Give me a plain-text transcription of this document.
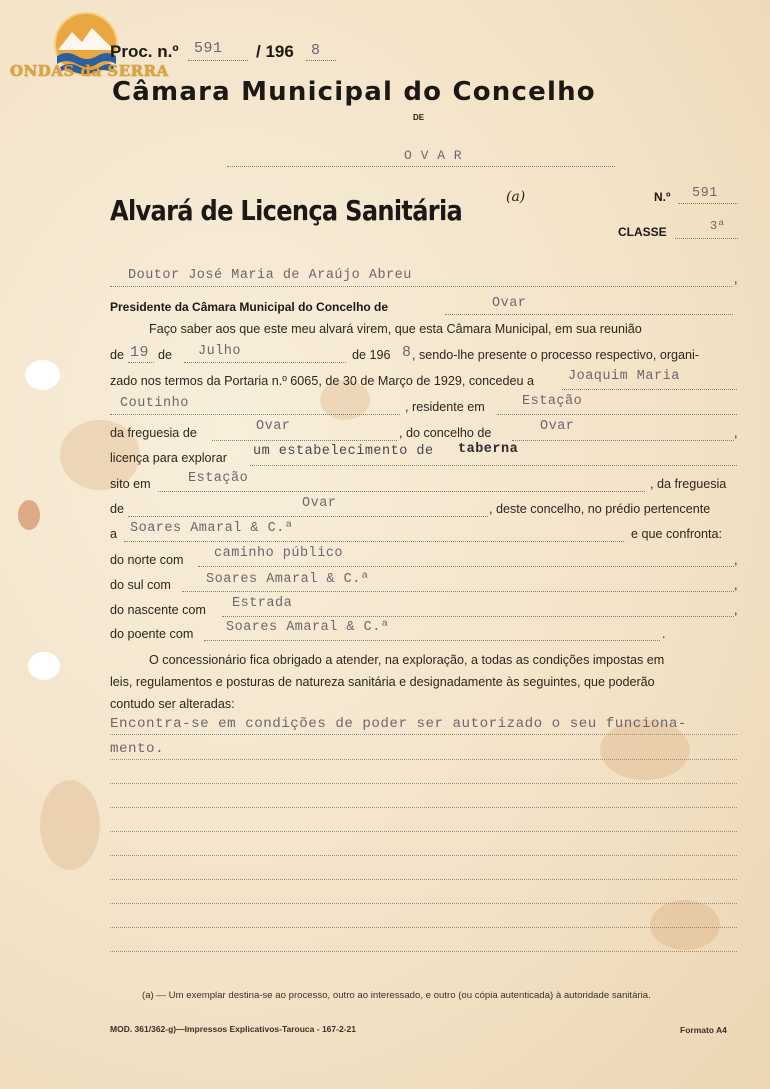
ONDAS da SERRA
Proc. n.º 591 / 196 8
Câmara Municipal do Concelho
DE
O V A R
Alvará de Licença Sanitária	(a)	N.º 591
CLASSE	3ª
Doutor José Maria de Araújo Abreu	,
Presidente da Câmara Municipal do Concelho de	Ovar
Faço saber aos que este meu alvará virem, que esta Câmara Municipal, em sua reunião
de 19 de Julho	de 196 8 , sendo-lhe presente o processo respectivo, organi-
zado nos termos da Portaria n.º 6065, de 30 de Março de 1929, concedeu a	Joaquim Maria
Coutinho	, residente em	Estação
da freguesia de	Ovar	, do concelho de	Ovar	,
licença para explorar um estabelecimento de taberna
sito em	Estação	, da freguesia
de	Ovar	, deste concelho, no prédio pertencente
a Soares Amaral & C.ª	e que confronta:
do norte com caminho público	,
do sul com	Soares Amaral & C.ª	,
do nascente com Estrada	,
do poente com Soares Amaral & C.ª	.
O concessionário fica obrigado a atender, na exploração, a todas as condições impostas em
leis, regulamentos e posturas de natureza sanitária e designadamente às seguintes, que poderão
contudo ser alteradas:
Encontra-se em condições de poder ser autorizado o seu funciona-
mento.
(a) — Um exemplar destina-se ao processo, outro ao interessado, e outro (ou cópia autenticada) à autoridade sanitária.
MOD. 361/362-g)—Impressos Explicativos-Tarouca - 167-2-21	Formato A4
